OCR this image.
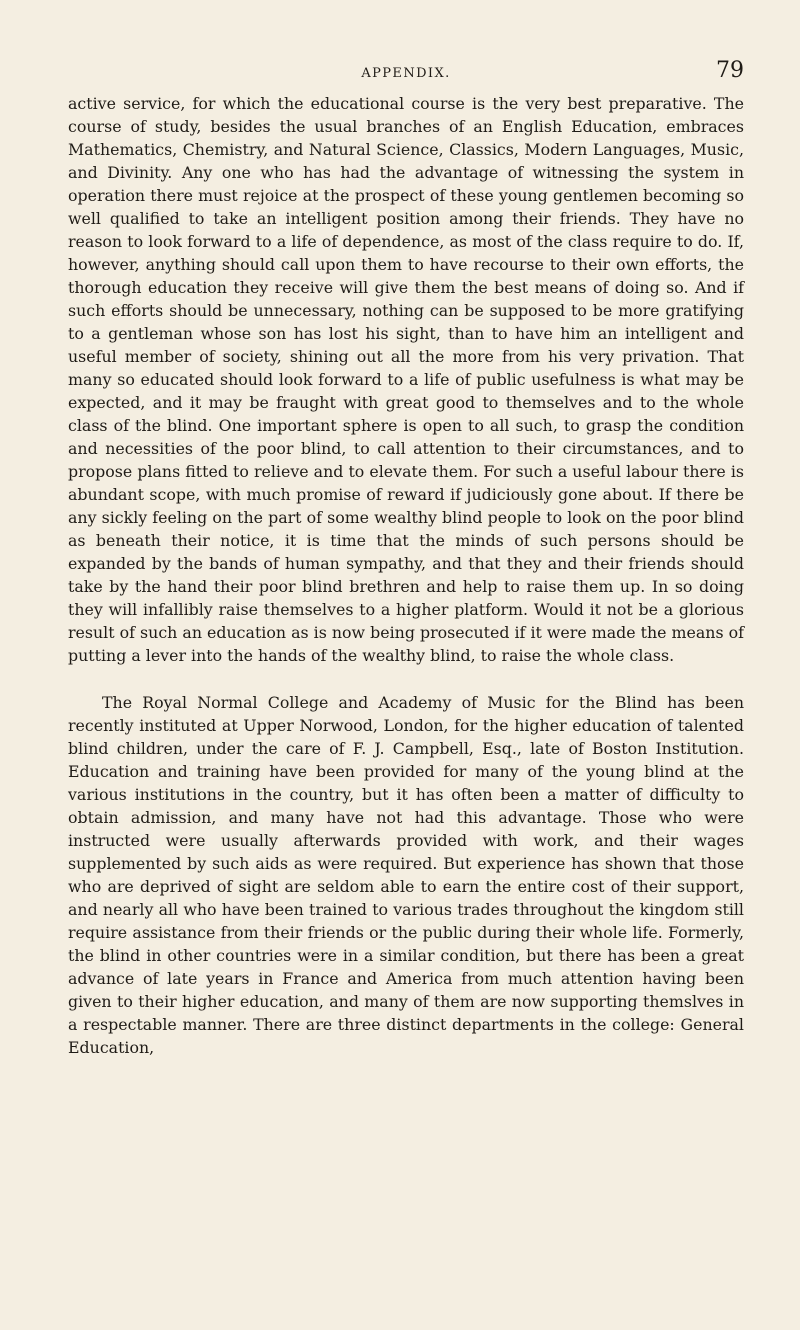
APPENDIX.	79

active service, for which the educational course is the very best preparative. The course of study, besides the usual branches of an English Education, embraces Mathematics, Chemistry, and Natural Science, Classics, Modern Languages, Music, and Divinity. Any one who has had the advantage of witnessing the system in operation there must rejoice at the prospect of these young gentlemen becoming so well qualified to take an intelligent position among their friends. They have no reason to look forward to a life of dependence, as most of the class require to do. If, however, anything should call upon them to have recourse to their own efforts, the thorough education they receive will give them the best means of doing so. And if such efforts should be unnecessary, nothing can be supposed to be more gratifying to a gentleman whose son has lost his sight, than to have him an intelligent and useful member of society, shining out all the more from his very privation. That many so educated should look forward to a life of public usefulness is what may be expected, and it may be fraught with great good to themselves and to the whole class of the blind. One important sphere is open to all such, to grasp the condition and necessities of the poor blind, to call attention to their circumstances, and to propose plans fitted to relieve and to elevate them. For such a useful labour there is abundant scope, with much promise of reward if judiciously gone about. If there be any sickly feeling on the part of some wealthy blind people to look on the poor blind as beneath their notice, it is time that the minds of such persons should be expanded by the bands of human sympathy, and that they and their friends should take by the hand their poor blind brethren and help to raise them up. In so doing they will infallibly raise themselves to a higher platform. Would it not be a glorious result of such an education as is now being prosecuted if it were made the means of putting a lever into the hands of the wealthy blind, to raise the whole class.

The Royal Normal College and Academy of Music for the Blind has been recently instituted at Upper Norwood, London, for the higher education of talented blind children, under the care of F. J. Campbell, Esq., late of Boston Institution. Education and training have been provided for many of the young blind at the various institutions in the country, but it has often been a matter of difficulty to obtain admission, and many have not had this advantage. Those who were instructed were usually afterwards provided with work, and their wages supplemented by such aids as were required. But experience has shown that those who are deprived of sight are seldom able to earn the entire cost of their support, and nearly all who have been trained to various trades throughout the kingdom still require assistance from their friends or the public during their whole life. Formerly, the blind in other countries were in a similar condition, but there has been a great advance of late years in France and America from much attention having been given to their higher education, and many of them are now supporting themslves in a respectable manner. There are three distinct departments in the college: General Education,
